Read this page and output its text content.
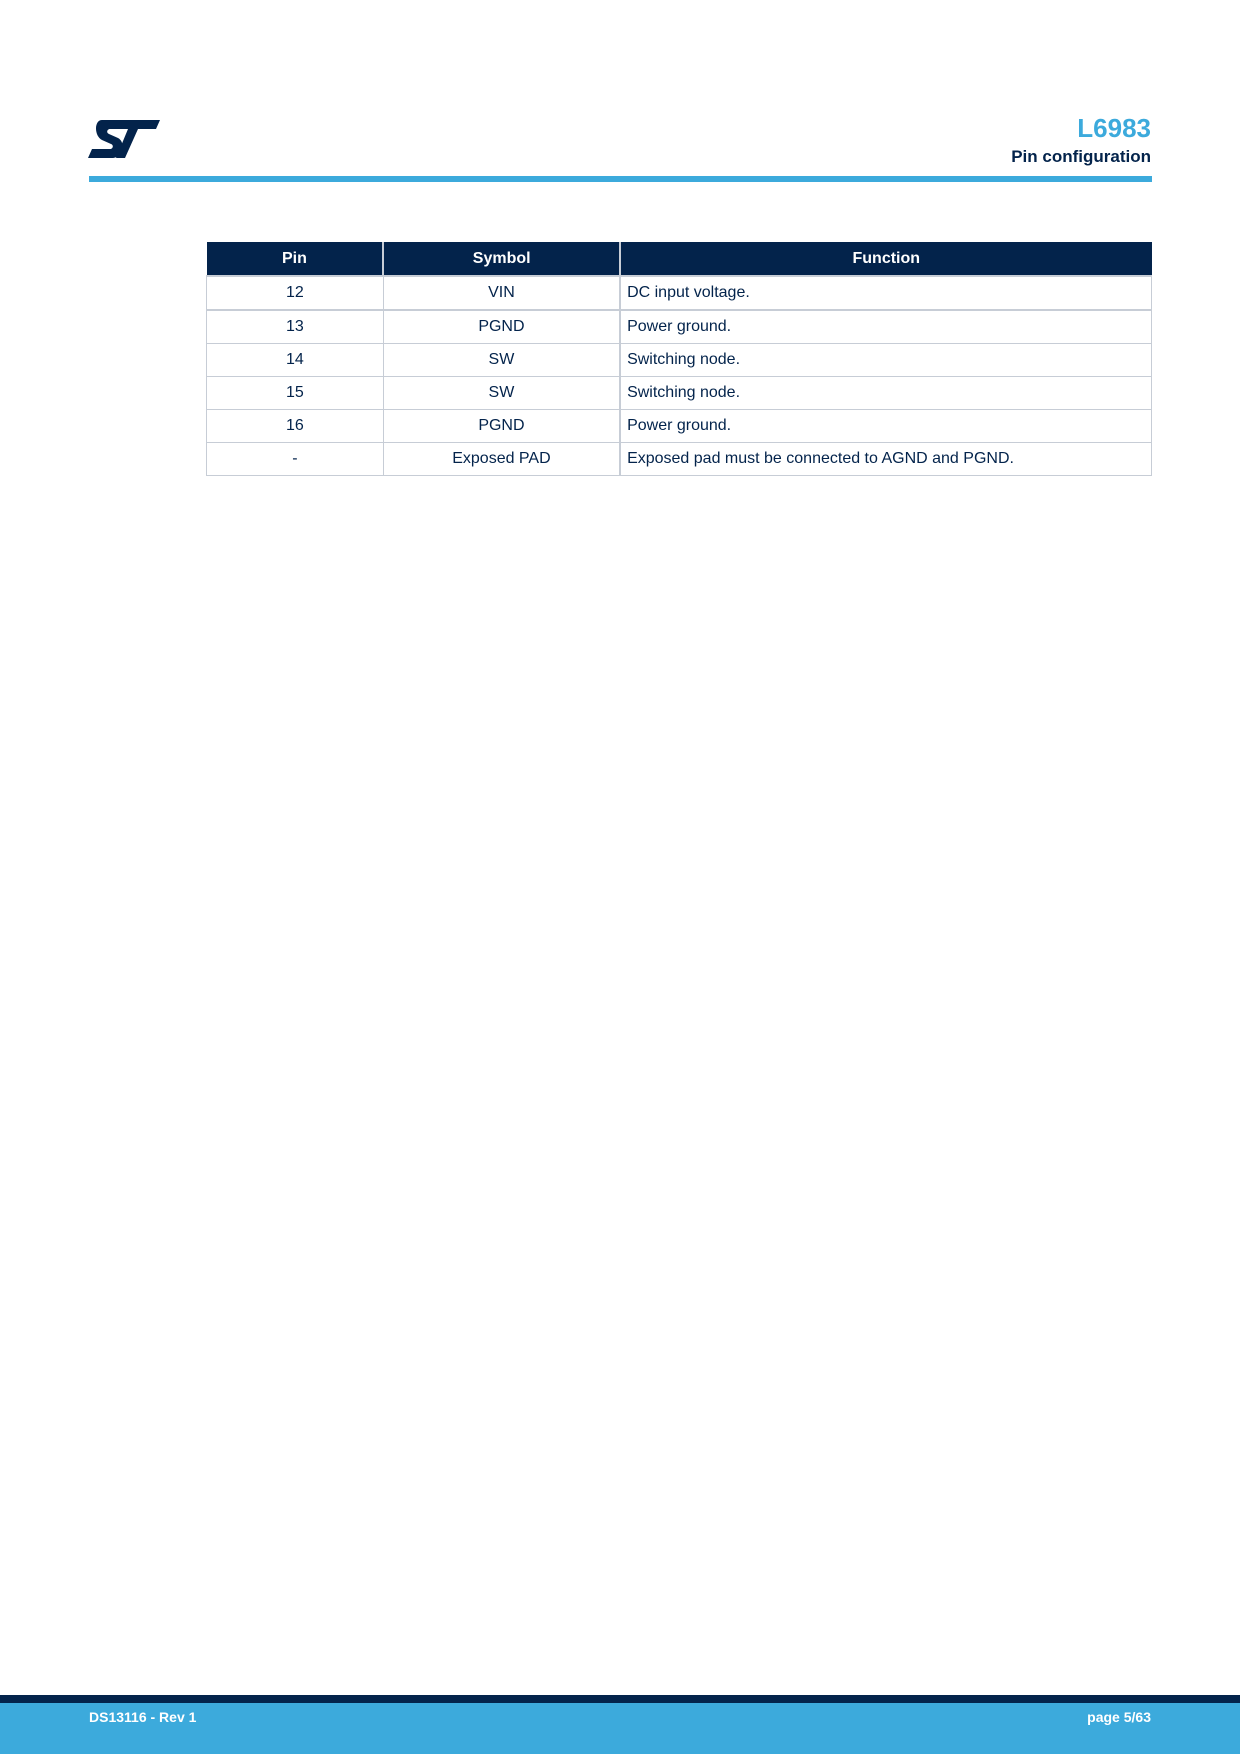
L6983
Pin configuration
Pin	Symbol	Function
12	VIN	DC input voltage.
13	PGND	Power ground.
14	SW	Switching node.
15	SW	Switching node.
16	PGND	Power ground.
-	Exposed PAD	Exposed pad must be connected to AGND and PGND.
DS13116 - Rev 1	page 5/63
